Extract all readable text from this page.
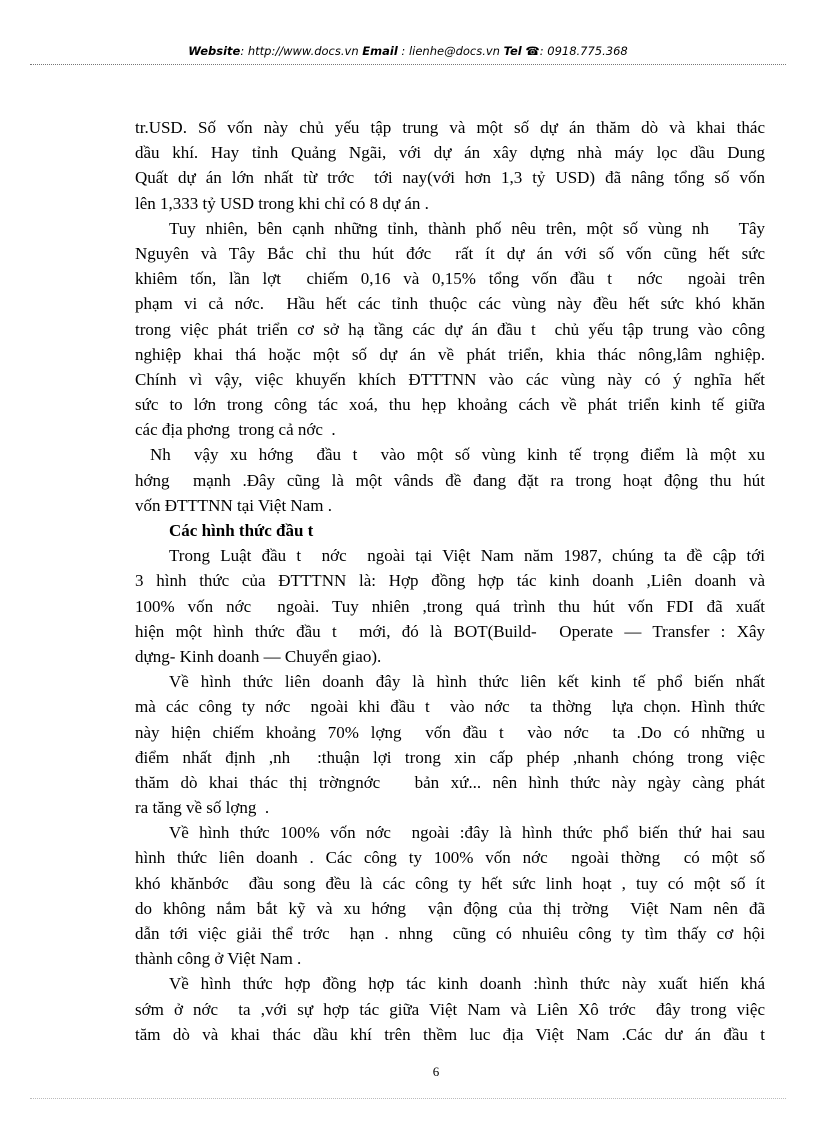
Website: http://www.docs.vn Email : lienhe@docs.vn Tel ☎: 0918.775.368
tr.USD. Số vốn này chủ yếu tập trung và một số dự án thăm dò và khai thác
dầu khí. Hay tỉnh Quảng Ngãi, với dự án xây dựng nhà máy lọc dầu Dung
Quất dự án lớn nhất từ trớc  tới nay(với hơn 1,3 tỷ USD) đã nâng tổng số vốn
lên 1,333 tỷ USD trong khi chỉ có 8 dự án .
Tuy nhiên, bên cạnh những tỉnh, thành phố nêu trên, một số vùng nh   Tây
Nguyên và Tây Bắc chỉ thu hút đớc  rất ít dự án với số vốn cũng hết sức
khiêm tốn, lần lợt  chiếm 0,16 và 0,15% tổng vốn đầu t  nớc  ngoài trên
phạm vi cả nớc.  Hầu hết các tỉnh thuộc các vùng này đều hết sức khó khăn
trong việc phát triển cơ sở hạ tầng các dự án đầu t  chủ yếu tập trung vào công
nghiệp khai thá hoặc một số dự án về phát triển, khia thác nông,lâm nghiệp.
Chính vì vậy, việc khuyến khích ĐTTTNN vào các vùng này có ý nghĩa hết
sức to lớn trong công tác xoá, thu hẹp khoảng cách về phát triển kinh tế giữa
các địa phơng  trong cả nớc  .
Nh  vậy xu hớng  đầu t  vào một số vùng kinh tế trọng điểm là một xu
hớng  mạnh .Đây cũng là một vânds đề đang đặt ra trong hoạt động thu hút
vốn ĐTTTNN tại Việt Nam .
Các hình thức đầu t
Trong Luật đầu t  nớc  ngoài tại Việt Nam năm 1987, chúng ta đề cập tới
3 hình thức của ĐTTTNN là: Hợp đồng hợp tác kinh doanh ,Liên doanh và
100% vốn nớc  ngoài. Tuy nhiên ,trong quá trình thu hút vốn FDI đã xuất
hiện một hình thức đầu t  mới, đó là BOT(Build-  Operate — Transfer : Xây
dựng- Kinh doanh — Chuyển giao).
Về hình thức liên doanh đây là hình thức liên kết kinh tế phổ biến nhất
mà các công ty nớc  ngoài khi đầu t  vào nớc  ta thờng  lựa chọn. Hình thức
này hiện chiếm khoảng 70% lợng  vốn đầu t  vào nớc  ta .Do có những u
điểm nhất định ,nh  :thuận lợi trong xin cấp phép ,nhanh chóng trong việc
thăm dò khai thác thị trờngnớc   bản xứ... nên hình thức này ngày càng phát
ra tăng về số lợng  .
Về hình thức 100% vốn nớc  ngoài :đây là hình thức phổ biến thứ hai sau
hình thức liên doanh . Các công ty 100% vốn nớc  ngoài thờng  có một số
khó khănbớc  đầu song đều là các công ty hết sức linh hoạt , tuy có một số ít
do không nắm bắt kỹ và xu hớng  vận động của thị trờng  Việt Nam nên đã
dẫn tới việc giải thể trớc  hạn . nhng  cũng có nhuiêu công ty tìm thấy cơ hội
thành công ở Việt Nam .
Về hình thức hợp đồng hợp tác kinh doanh :hình thức này xuất hiến khá
sớm ở nớc  ta ,với sự hợp tác giữa Việt Nam và Liên Xô trớc  đây trong việc
tăm dò và khai thác dầu khí trên thềm luc địa Việt Nam .Các dư án đầu t
6
